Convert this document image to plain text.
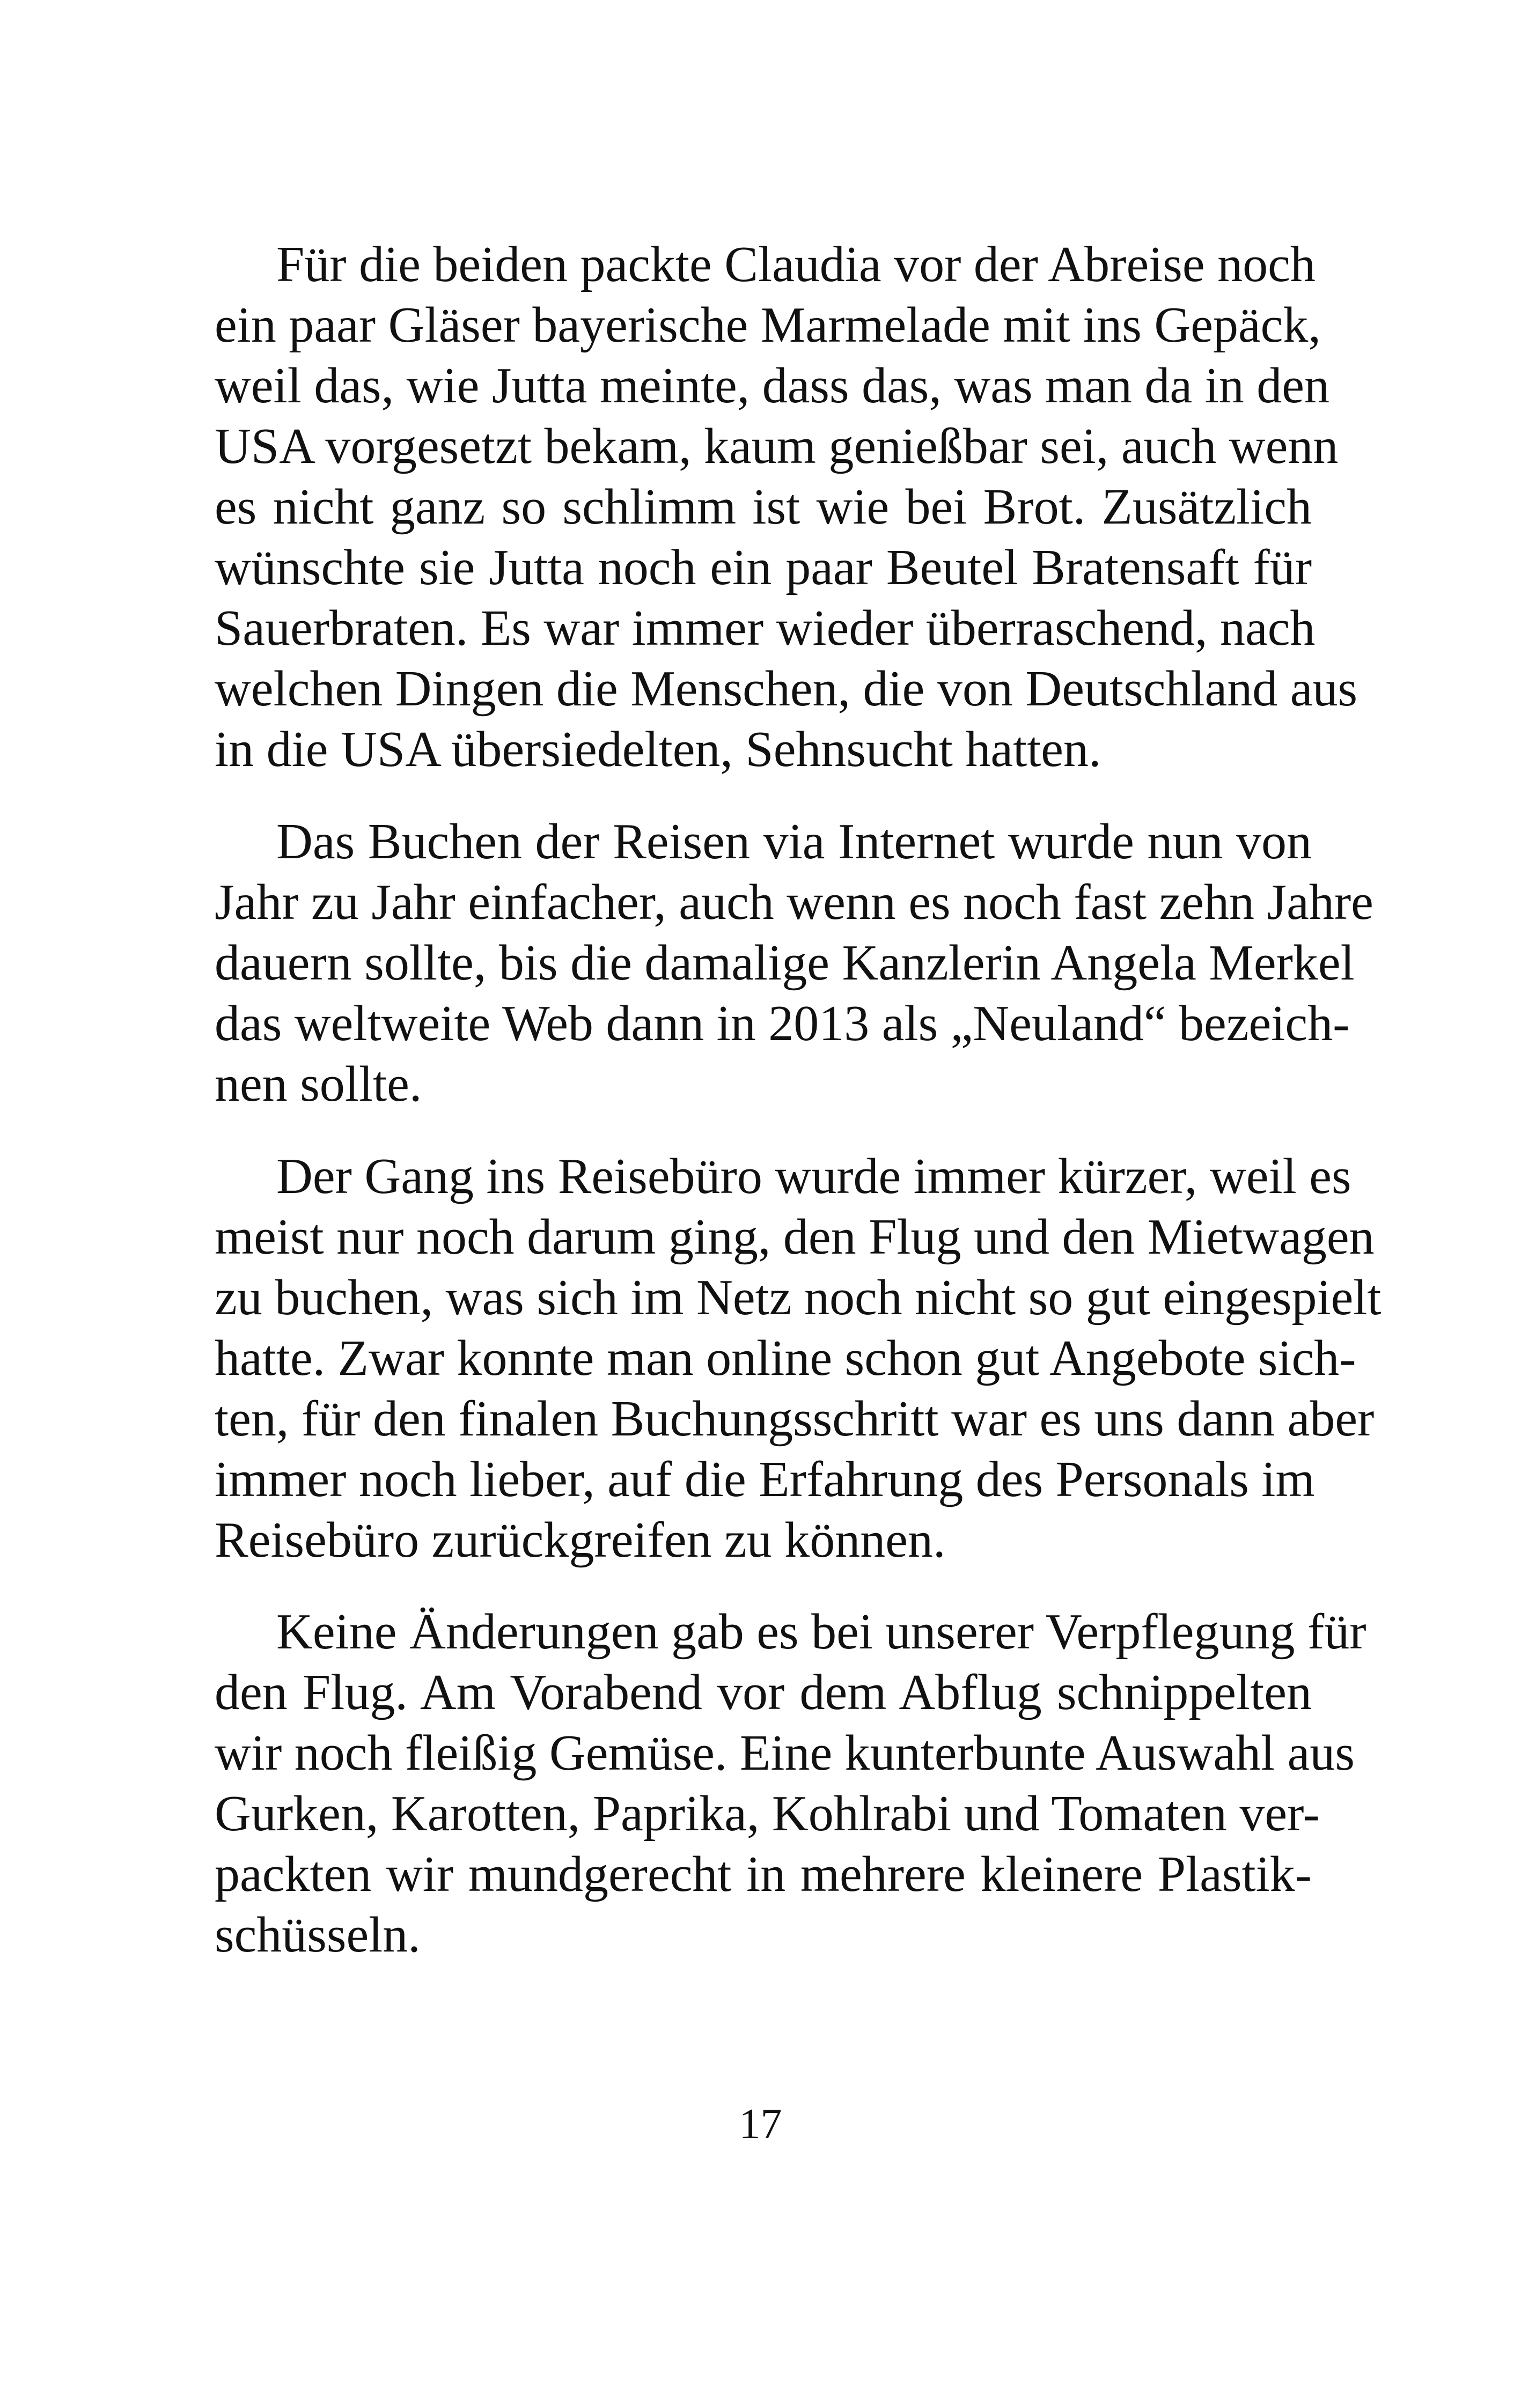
Für die beiden packte Claudia vor der Abreise noch
ein paar Gläser bayerische Marmelade mit ins Gepäck,
weil das, wie Jutta meinte, dass das, was man da in den
USA vorgesetzt bekam, kaum genießbar sei, auch wenn
es nicht ganz so schlimm ist wie bei Brot. Zusätzlich
wünschte sie Jutta noch ein paar Beutel Bratensaft für
Sauerbraten. Es war immer wieder überraschend, nach
welchen Dingen die Menschen, die von Deutschland aus
in die USA übersiedelten, Sehnsucht hatten.
Das Buchen der Reisen via Internet wurde nun von
Jahr zu Jahr einfacher, auch wenn es noch fast zehn Jahre
dauern sollte, bis die damalige Kanzlerin Angela Merkel
das weltweite Web dann in 2013 als „Neuland“ bezeich-
nen sollte.
Der Gang ins Reisebüro wurde immer kürzer, weil es
meist nur noch darum ging, den Flug und den Mietwagen
zu buchen, was sich im Netz noch nicht so gut eingespielt
hatte. Zwar konnte man online schon gut Angebote sich-
ten, für den finalen Buchungsschritt war es uns dann aber
immer noch lieber, auf die Erfahrung des Personals im
Reisebüro zurückgreifen zu können.
Keine Änderungen gab es bei unserer Verpflegung für
den Flug. Am Vorabend vor dem Abflug schnippelten
wir noch fleißig Gemüse. Eine kunterbunte Auswahl aus
Gurken, Karotten, Paprika, Kohlrabi und Tomaten ver-
packten wir mundgerecht in mehrere kleinere Plastik-
schüsseln.
17
